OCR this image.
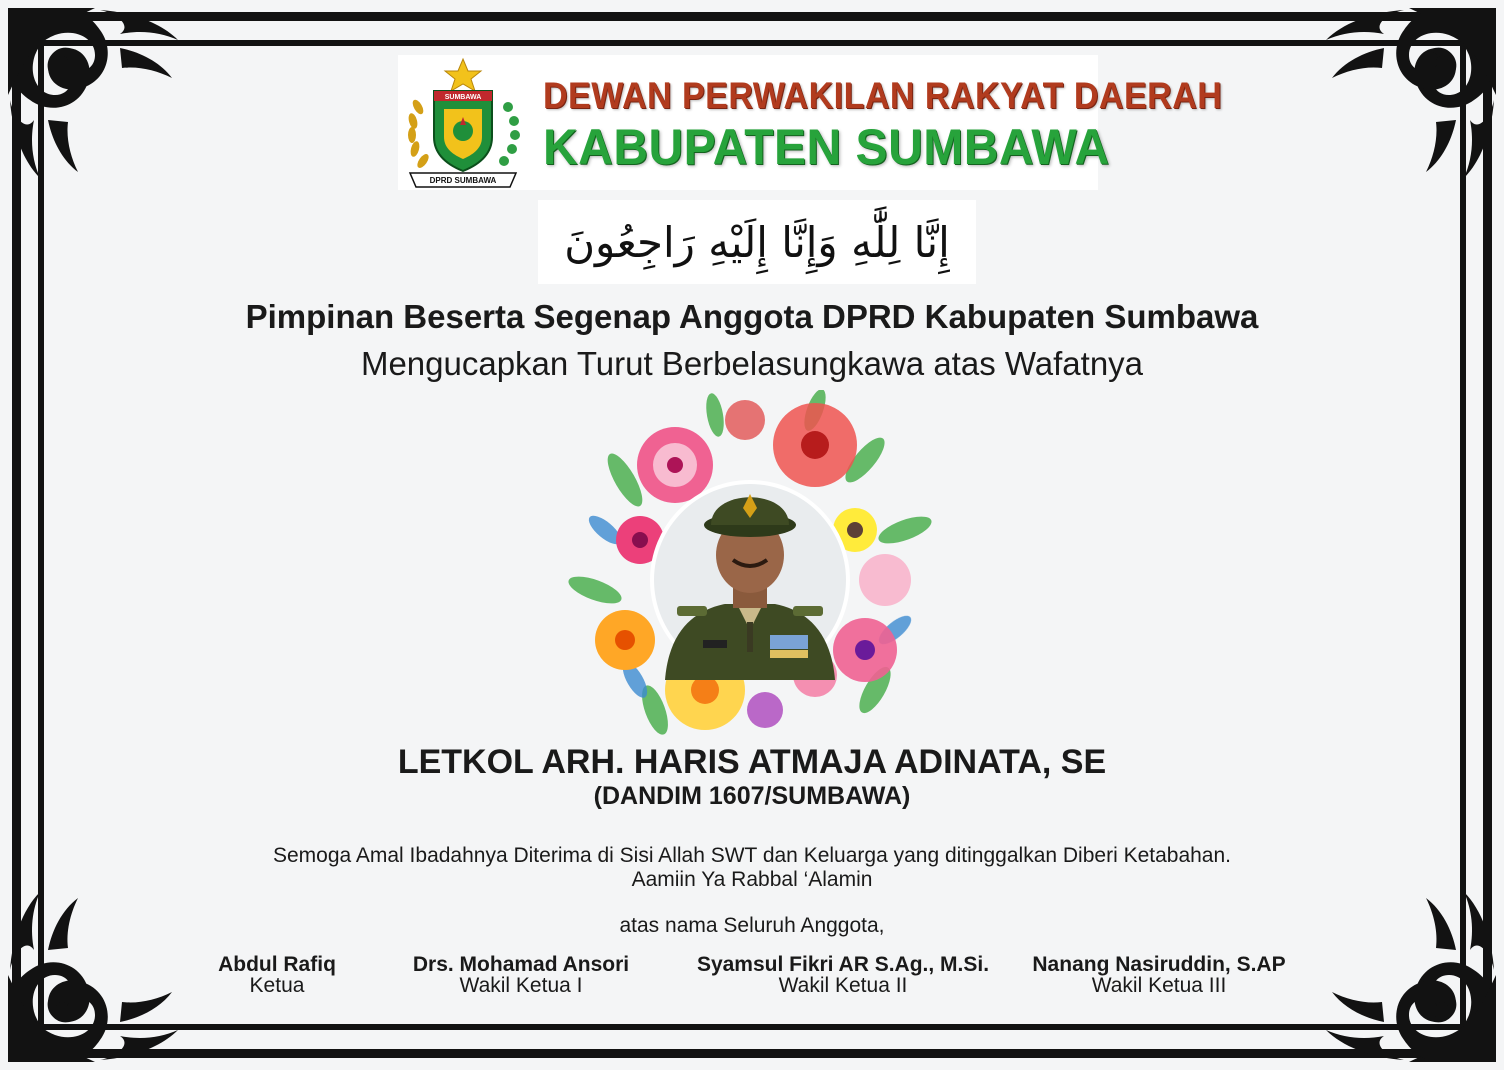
SUMBAWA
DPRD SUMBAWA
DEWAN PERWAKILAN RAKYAT DAERAH
KABUPATEN SUMBAWA
إِنَّا لِلَّٰهِ وَإِنَّا إِلَيْهِ رَاجِعُونَ
Pimpinan Beserta Segenap Anggota DPRD Kabupaten Sumbawa
Mengucapkan Turut Berbelasungkawa atas Wafatnya
LETKOL ARH. HARIS ATMAJA ADINATA, SE
(DANDIM 1607/SUMBAWA)
Semoga Amal Ibadahnya Diterima di Sisi Allah SWT dan Keluarga yang ditinggalkan Diberi Ketabahan.
Aamiin Ya Rabbal ‘Alamin
atas nama Seluruh Anggota,
Abdul Rafiq
Ketua
Drs. Mohamad Ansori
Wakil Ketua I
Syamsul Fikri AR S.Ag., M.Si.
Wakil Ketua II
Nanang Nasiruddin, S.AP
Wakil Ketua III
